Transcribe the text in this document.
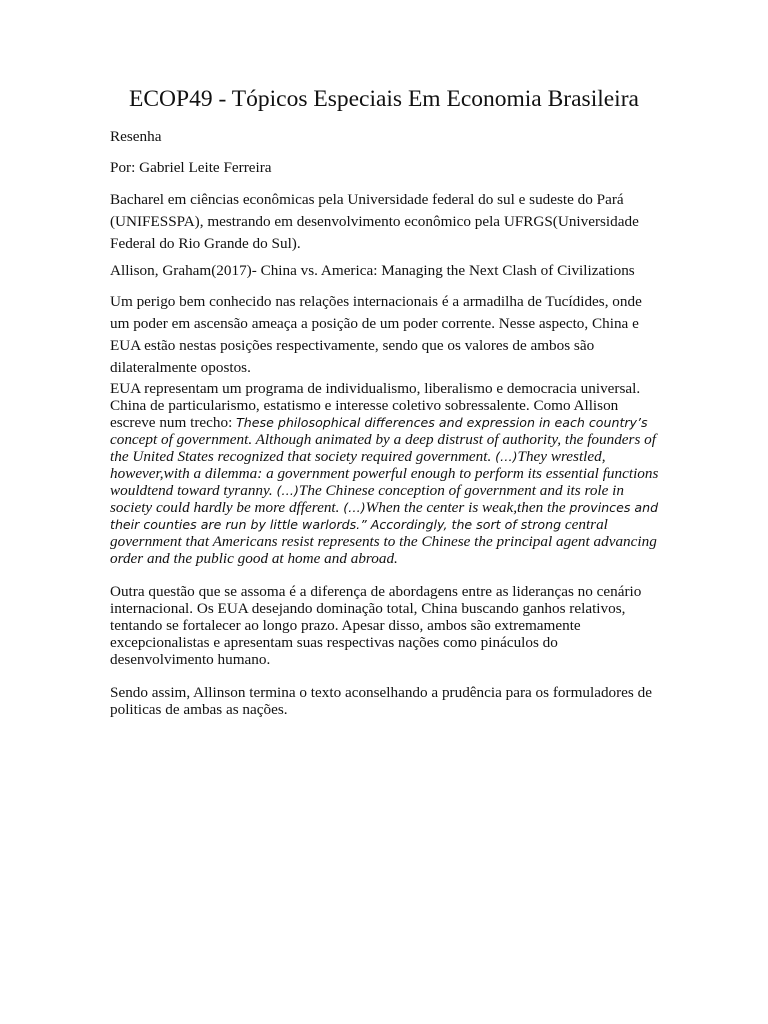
ECOP49 - Tópicos Especiais Em Economia Brasileira

Resenha

Por: Gabriel Leite Ferreira

Bacharel em ciências econômicas pela Universidade federal do sul e sudeste do Pará (UNIFESSPA), mestrando em desenvolvimento econômico pela UFRGS(Universidade Federal do Rio Grande do Sul).

Allison, Graham(2017)- China vs. America: Managing the Next Clash of Civilizations

Um perigo bem conhecido nas relações internacionais é a armadilha de Tucídides, onde um poder em ascensão ameaça a posição de um poder corrente. Nesse aspecto, China e EUA estão nestas posições respectivamente, sendo que os valores de ambos são dilateralmente opostos.

EUA representam um programa de individualismo, liberalismo e democracia universal. China de particularismo, estatismo e interesse coletivo sobressalente. Como Allison escreve num trecho: These philosophical differences and expression in each country’s concept of government. Although animated by a deep distrust of authority, the founders of the United States recognized that society required government. (…)They wrestled, however,with a dilemma: a government powerful enough to perform its essential functions wouldtend toward tyranny. (…)The Chinese conception of government and its role in society could hardly be more dfferent. (…)When the center is weak,then the provinces and their counties are run by little warlords.” Accordingly, the sort of strong central government that Americans resist represents to the Chinese the principal agent advancing order and the public good at home and abroad.

Outra questão que se assoma é a diferença de abordagens entre as lideranças no cenário internacional. Os EUA desejando dominação total, China buscando ganhos relativos, tentando se fortalecer ao longo prazo. Apesar disso, ambos são extremamente excepcionalistas e apresentam suas respectivas nações como pináculos do desenvolvimento humano.

Sendo assim, Allinson termina o texto aconselhando a prudência para os formuladores de politicas de ambas as nações.
